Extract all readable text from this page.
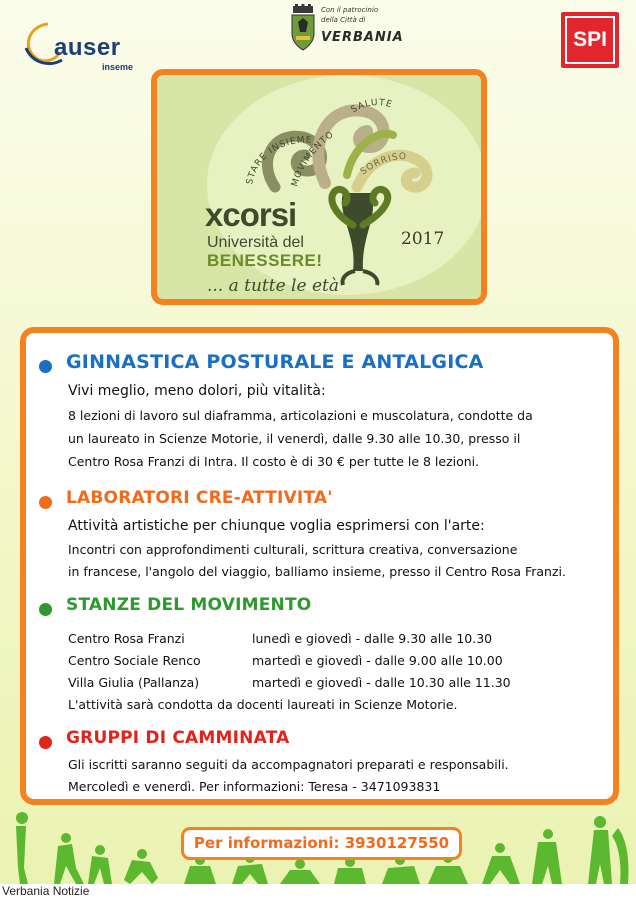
auser
inseme
Con il patrocinio
della Città di
VERBANIA	SPI
STARE INSIEME
MOVIMENTO
SALUTE
SORRISO
xcorsi
Università del
BENESSERE!
2017
... a tutte le età
GINNASTICA POSTURALE E ANTALGICA
Vivi meglio, meno dolori, più vitalità:
8 lezioni di lavoro sul diaframma, articolazioni e muscolatura, condotte da
un laureato in Scienze Motorie, il venerdì, dalle 9.30 alle 10.30, presso il
Centro Rosa Franzi di Intra. Il costo è di 30 € per tutte le 8 lezioni.
LABORATORI CRE-ATTIVITA'
Attività artistiche per chiunque voglia esprimersi con l'arte:
Incontri con approfondimenti culturali, scrittura creativa, conversazione
in francese, l'angolo del viaggio, balliamo insieme, presso il Centro Rosa Franzi.
STANZE DEL MOVIMENTO
Centro Rosa Franzi	lunedì e giovedì - dalle 9.30 alle 10.30
Centro Sociale Renco	martedì e giovedì - dalle 9.00 alle 10.00
Villa Giulia (Pallanza)	martedì e giovedì - dalle 10.30 alle 11.30
L'attività sarà condotta da docenti laureati in Scienze Motorie.
GRUPPI DI CAMMINATA
Gli iscritti saranno seguiti da accompagnatori preparati e responsabili.
Mercoledì e venerdì. Per informazioni: Teresa - 3471093831
Per informazioni: 3930127550
Verbania Notizie
